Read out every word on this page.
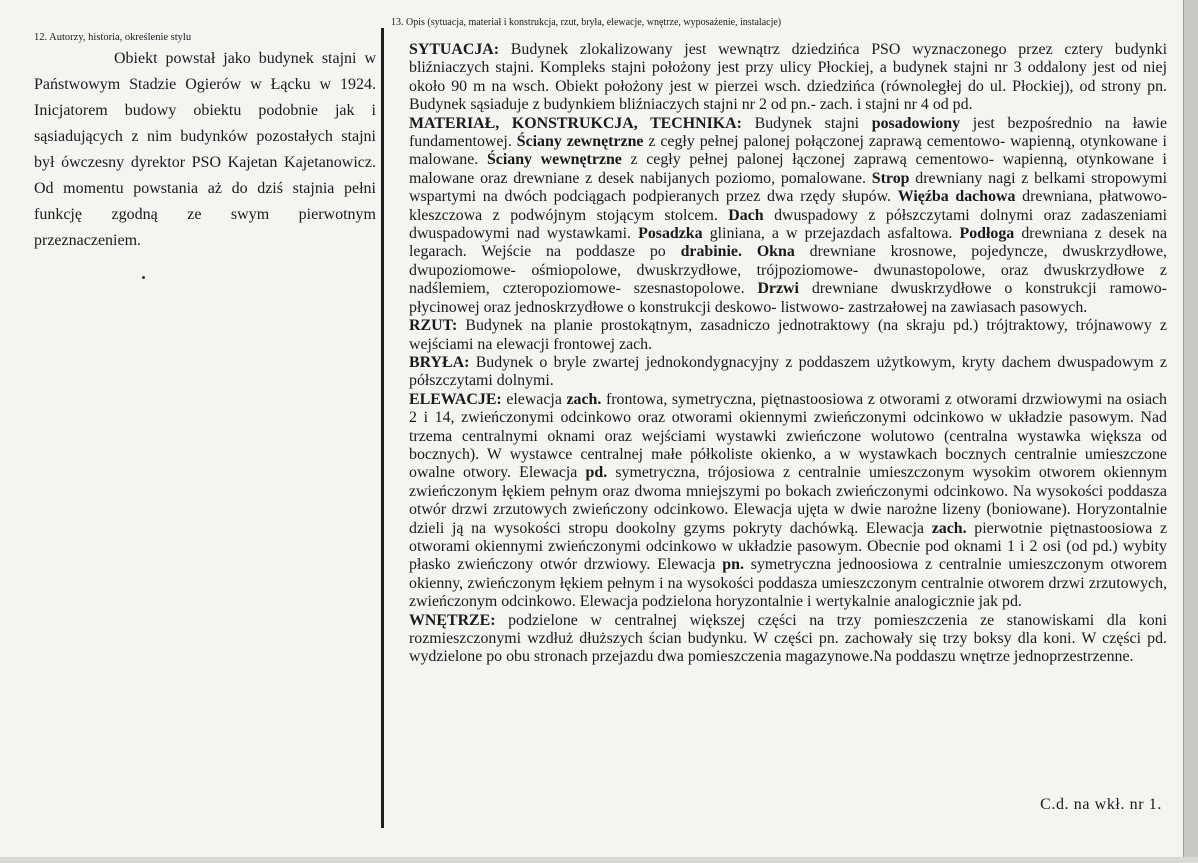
12. Autorzy, historia, określenie stylu
Obiekt powstał jako budynek stajni w Państwowym Stadzie Ogierów w Łącku w 1924. Inicjatorem budowy obiektu podobnie jak i sąsiadujących z nim budynków pozostałych stajni był ówczesny dyrektor PSO Kajetan Kajetanowicz. Od momentu powstania aż do dziś stajnia pełni funkcję zgodną ze swym pierwotnym przeznaczeniem.
13. Opis (sytuacja, materiał i konstrukcja, rzut, bryła, elewacje, wnętrze, wyposażenie, instalacje)

SYTUACJA: Budynek zlokalizowany jest wewnątrz dziedzińca PSO wyznaczonego przez cztery budynki bliźniaczych stajni. Kompleks stajni położony jest przy ulicy Płockiej, a budynek stajni nr 3 oddalony jest od niej około 90 m na wsch. Obiekt położony jest w pierzei wsch. dziedzińca (równoległej do ul. Płockiej), od strony pn. Budynek sąsiaduje z budynkiem bliźniaczych stajni nr 2 od pn.- zach. i stajni nr 4 od pd.

MATERIAŁ, KONSTRUKCJA, TECHNIKA: Budynek stajni posadowiony jest bezpośrednio na ławie fundamentowej. Ściany zewnętrzne z cegły pełnej palonej połączonej zaprawą cementowo- wapienną, otynkowane i malowane. Ściany wewnętrzne z cegły pełnej palonej łączonej zaprawą cementowo- wapienną, otynkowane i malowane oraz drewniane z desek nabijanych poziomo, pomalowane. Strop drewniany nagi z belkami stropowymi wspartymi na dwóch podciągach podpieranych przez dwa rzędy słupów. Więźba dachowa drewniana, płatwowo- kleszczowa z podwójnym stojącym stolcem. Dach dwuspadowy z półszczytami dolnymi oraz zadaszeniami dwuspadowymi nad wystawkami. Posadzka gliniana, a w przejazdach asfaltowa. Podłoga drewniana z desek na legarach. Wejście na poddasze po drabinie. Okna drewniane krosnowe, pojedyncze, dwuskrzydłowe, dwupoziomowe- ośmiopolowe, dwuskrzydłowe, trójpoziomowe- dwunastopolowe, oraz dwuskrzydłowe z nadślemiem, czteropoziomowe- szesnastopolowe. Drzwi drewniane dwuskrzydłowe o konstrukcji ramowo- płycinowej oraz jednoskrzydłowe o konstrukcji deskowo- listwowo- zastrzałowej na zawiasach pasowych.

RZUT: Budynek na planie prostokątnym, zasadniczo jednotraktowy (na skraju pd.) trójtraktowy, trójnawowy z wejściami na elewacji frontowej zach.

BRYŁA: Budynek o bryle zwartej jednokondygnacyjny z poddaszem użytkowym, kryty dachem dwuspadowym z półszczytami dolnymi.

ELEWACJE: elewacja zach. frontowa, symetryczna, piętnastoosiowa z otworami z otworami drzwiowymi na osiach 2 i 14, zwieńczonymi odcinkowo oraz otworami okiennymi zwieńczonymi odcinkowo w układzie pasowym. Nad trzema centralnymi oknami oraz wejściami wystawki zwieńczone wolutowo (centralna wystawka większa od bocznych). W wystawce centralnej małe półkoliste okienko, a w wystawkach bocznych centralnie umieszczone owalne otwory. Elewacja pd. symetryczna, trójosiowa z centralnie umieszczonym wysokim otworem okiennym zwieńczonym łękiem pełnym oraz dwoma mniejszymi po bokach zwieńczonymi odcinkowo. Na wysokości poddasza otwór drzwi zrzutowych zwieńczony odcinkowo. Elewacja ujęta w dwie narożne lizeny (boniowane). Horyzontalnie dzieli ją na wysokości stropu dookolny gzyms pokryty dachówką. Elewacja zach. pierwotnie piętnastoosiowa z otworami okiennymi zwieńczonymi odcinkowo w układzie pasowym. Obecnie pod oknami 1 i 2 osi (od pd.) wybity płasko zwieńczony otwór drzwiowy. Elewacja pn. symetryczna jednoosiowa z centralnie umieszczonym otworem okienny, zwieńczonym łękiem pełnym i na wysokości poddasza umieszczonym centralnie otworem drzwi zrzutowych, zwieńczonym odcinkowo. Elewacja podzielona horyzontalnie i wertykalnie analogicznie jak pd.

WNĘTRZE: podzielone w centralnej większej części na trzy pomieszczenia ze stanowiskami dla koni rozmieszczonymi wzdłuż dłuższych ścian budynku. W części pn. zachowały się trzy boksy dla koni. W części pd. wydzielone po obu stronach przejazdu dwa pomieszczenia magazynowe.Na poddaszu wnętrze jednoprzestrzenne.

C.d. na wkł. nr 1.
